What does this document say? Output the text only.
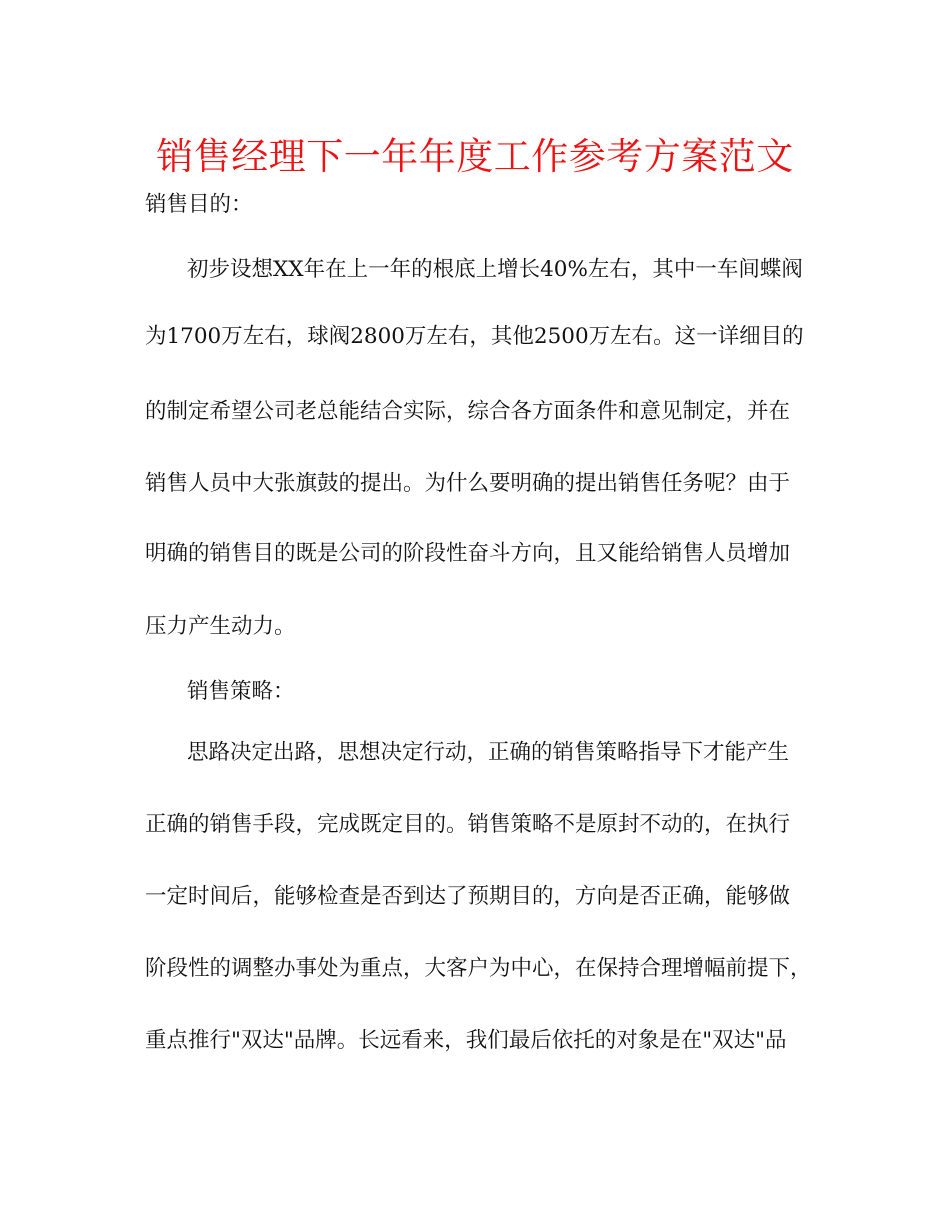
销售经理下一年年度工作参考方案范文
销售目的：
初步设想XX年在上一年的根底上增长40%左右，其中一车间蝶阀
为1700万左右，球阀2800万左右，其他2500万左右。这一详细目的
的制定希望公司老总能结合实际，综合各方面条件和意见制定，并在
销售人员中大张旗鼓的提出。为什么要明确的提出销售任务呢？由于
明确的销售目的既是公司的阶段性奋斗方向，且又能给销售人员增加
压力产生动力。
销售策略：
思路决定出路，思想决定行动，正确的销售策略指导下才能产生
正确的销售手段，完成既定目的。销售策略不是原封不动的，在执行
一定时间后，能够检查是否到达了预期目的，方向是否正确，能够做
阶段性的调整办事处为重点，大客户为中心，在保持合理增幅前提下，
重点推行"双达"品牌。长远看来，我们最后依托的对象是在"双达"品
